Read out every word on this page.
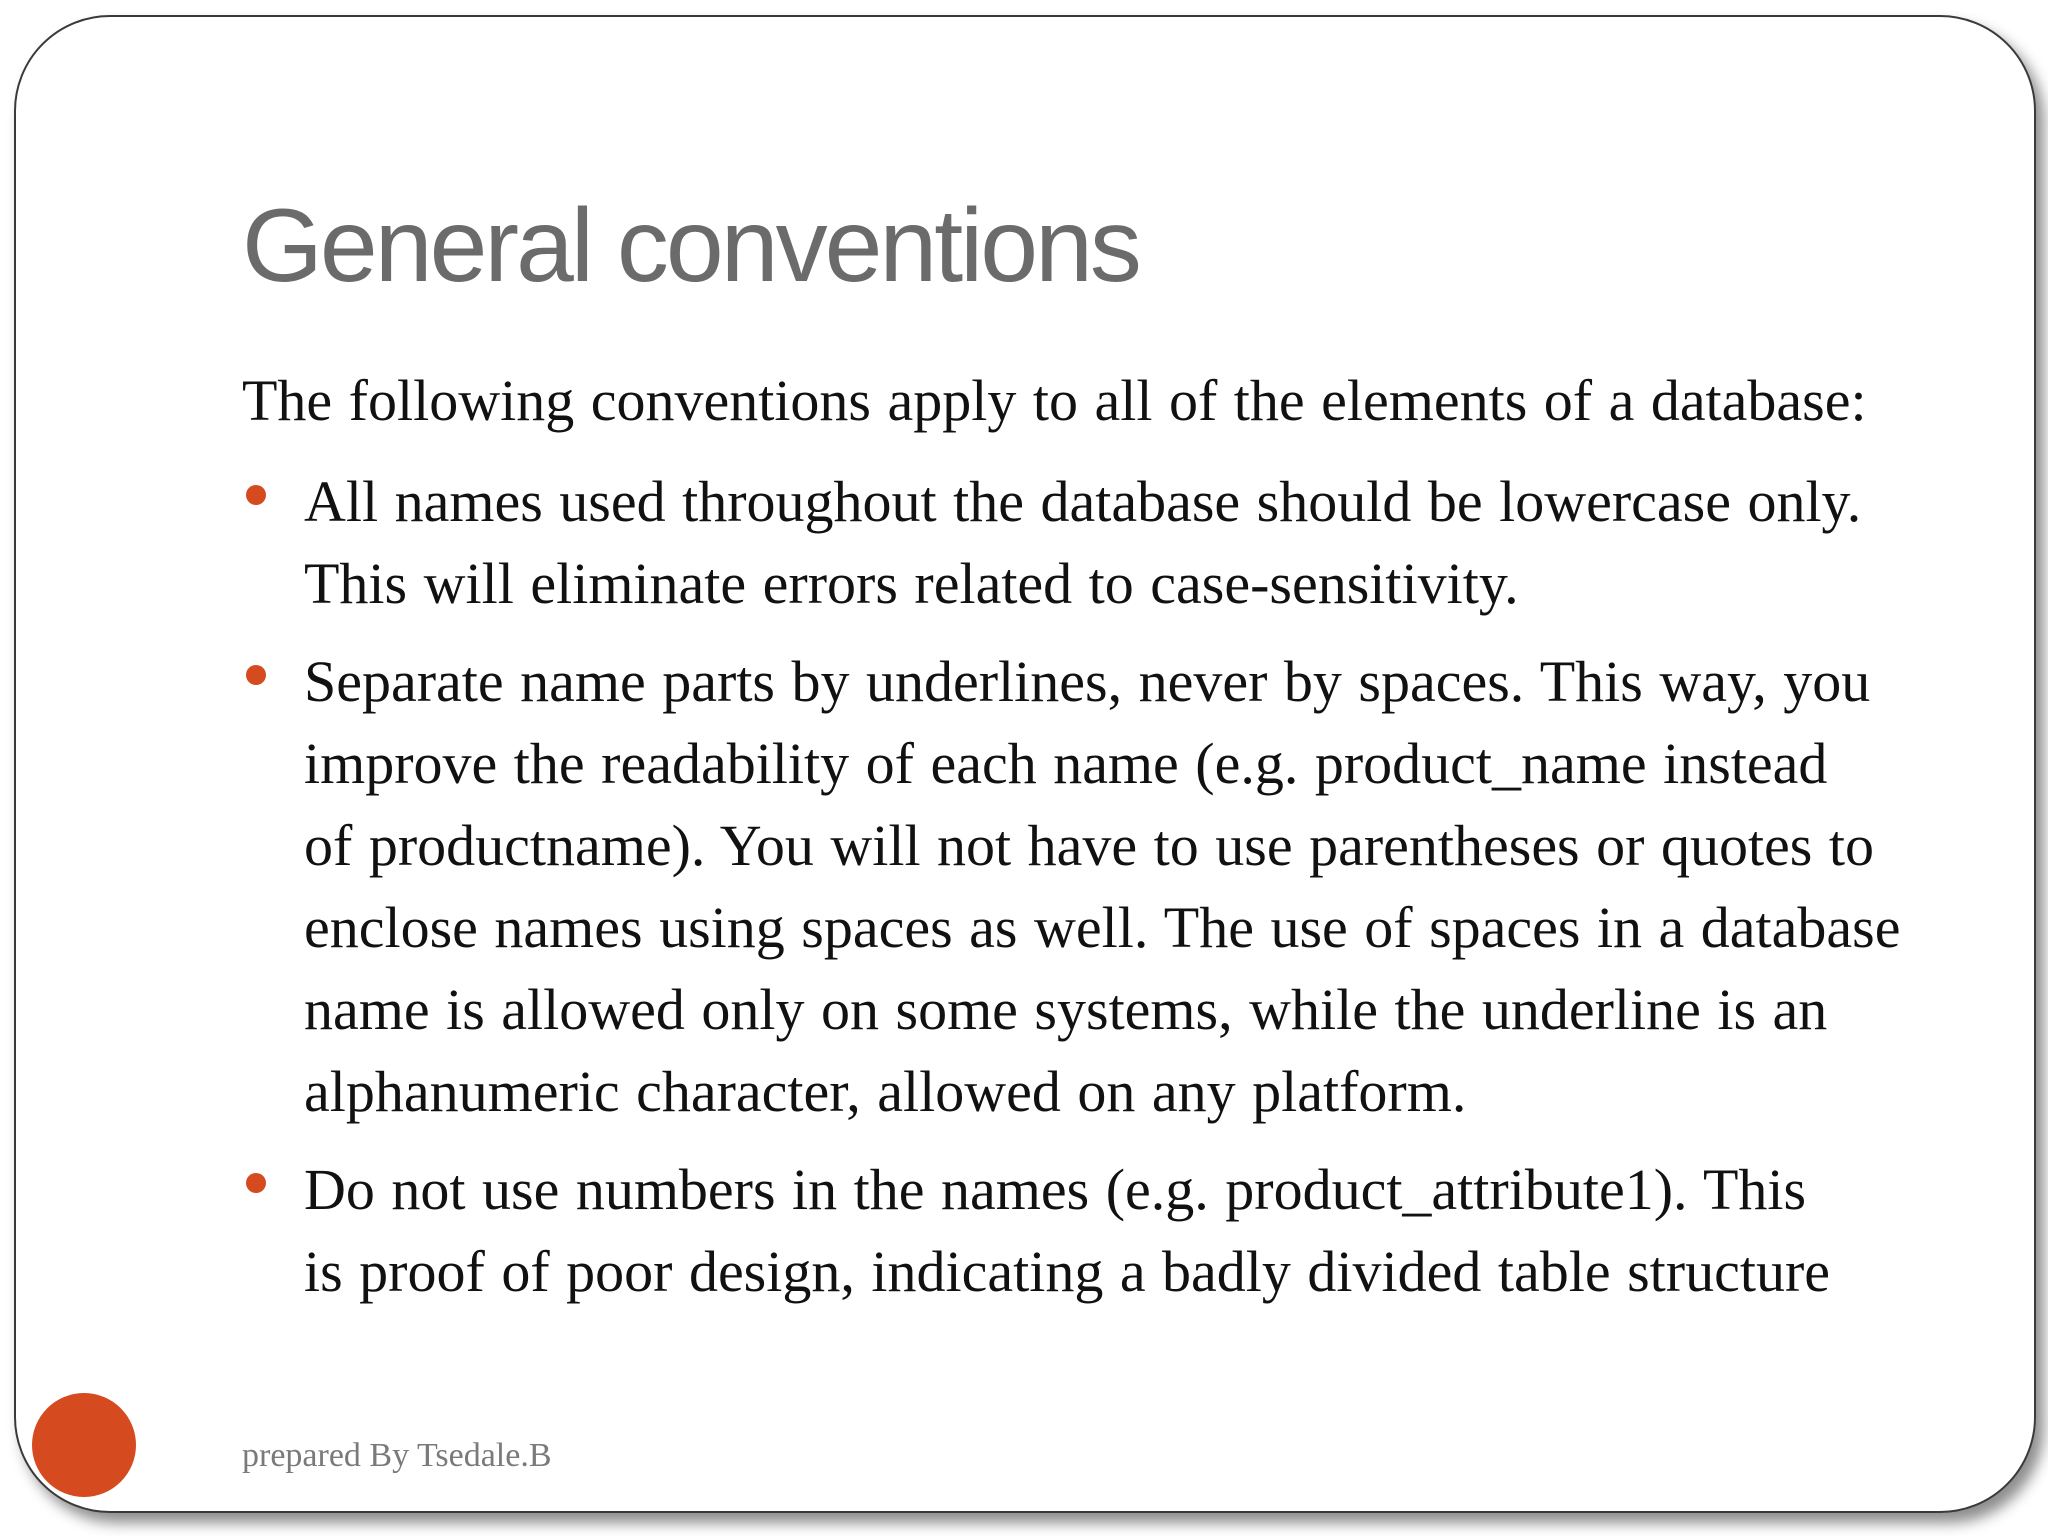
General conventions
The following conventions apply to all of the elements of a database:
All names used throughout the database should be lowercase only.
This will eliminate errors related to case-sensitivity.
Separate name parts by underlines, never by spaces. This way, you
improve the readability of each name (e.g. product_name instead
of productname). You will not have to use parentheses or quotes to
enclose names using spaces as well. The use of spaces in a database
name is allowed only on some systems, while the underline is an
alphanumeric character, allowed on any platform.
Do not use numbers in the names (e.g. product_attribute1). This
is proof of poor design, indicating a badly divided table structure
prepared By Tsedale.B
